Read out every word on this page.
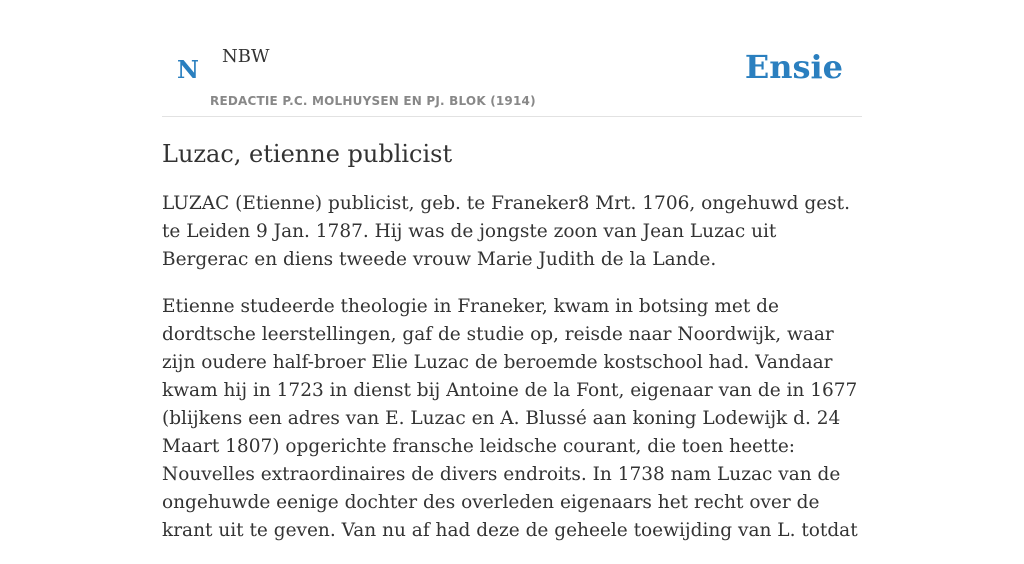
N NBW
REDACTIE P.C. MOLHUYSEN EN PJ. BLOK (1914)
Ensie
Luzac, etienne publicist

LUZAC (Etienne) publicist, geb. te Franeker8 Mrt. 1706, ongehuwd gest. te Leiden 9 Jan. 1787. Hij was de jongste zoon van Jean Luzac uit Bergerac en diens tweede vrouw Marie Judith de la Lande.

Etienne studeerde theologie in Franeker, kwam in botsing met de dordtsche leerstellingen, gaf de studie op, reisde naar Noordwijk, waar zijn oudere half-broer Elie Luzac de beroemde kostschool had. Vandaar kwam hij in 1723 in dienst bij Antoine de la Font, eigenaar van de in 1677 (blijkens een adres van E. Luzac en A. Blussé aan koning Lodewijk d. 24 Maart 1807) opgerichte fransche leidsche courant, die toen heette: Nouvelles extraordinaires de divers endroits. In 1738 nam Luzac van de ongehuwde eenige dochter des overleden eigenaars het recht over de krant uit te geven. Van nu af had deze de geheele toewijding van L. totdat
